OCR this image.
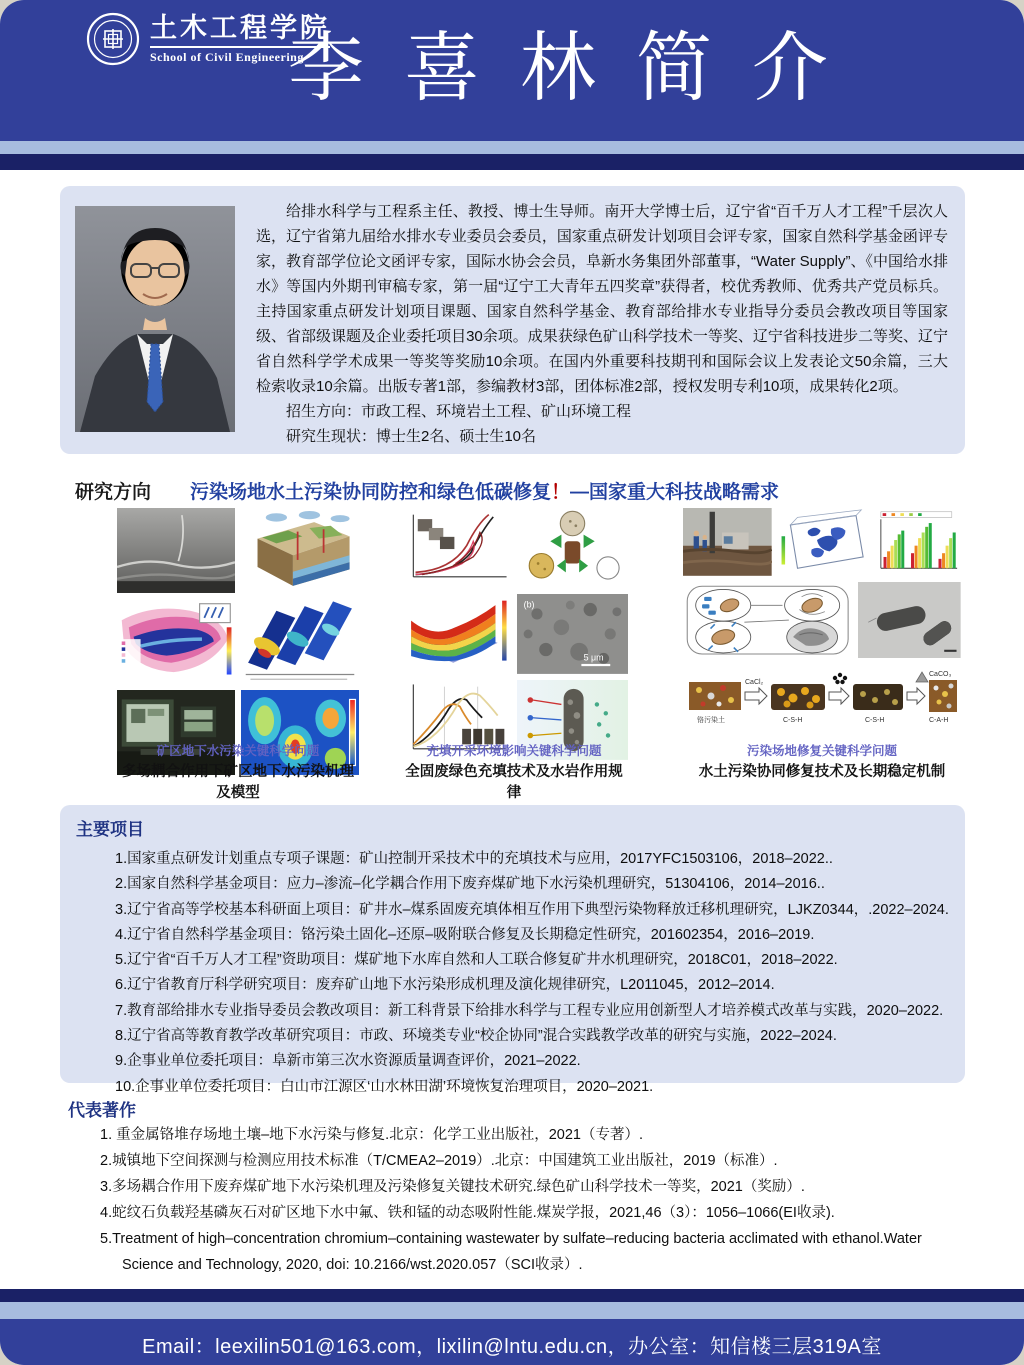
土木工程学院
School of Civil Engineering
李喜林简介

给排水科学与工程系主任、教授、博士生导师。南开大学博士后，辽宁省“百千万人才工程”千层次人选，辽宁省第九届给水排水专业委员会委员，国家重点研发计划项目会评专家，国家自然科学基金函评专家，教育部学位论文函评专家，国际水协会会员，阜新水务集团外部董事，“Water Supply”、《中国给水排水》等国内外期刊审稿专家，第一届“辽宁工大青年五四奖章”获得者，校优秀教师、优秀共产党员标兵。主持国家重点研发计划项目课题、国家自然科学基金、教育部给排水专业指导分委员会教改项目等国家级、省部级课题及企业委托项目30余项。成果获绿色矿山科学技术一等奖、辽宁省科技进步二等奖、辽宁省自然科学学术成果一等奖等奖励10余项。在国内外重要科技期刊和国际会议上发表论文50余篇，三大检索收录10余篇。出版专著1部，参编教材3部，团体标准2部，授权发明专利10项，成果转化2项。

招生方向：市政工程、环境岩土工程、矿山环境工程

研究生现状：博士生2名、硕士生10名

研究方向 污染场地水土污染协同防控和绿色低碳修复！—国家重大科技战略需求
矿区地下水污染关键科学问题
多场耦合作用下矿区地下水污染机理及模型
(b)
5 μm
充填开采环境影响关键科学问题
全固废绿色充填技术及水岩作用规律
铬污染土
CaCl₂
C-S-H	C-S-H	C-A-H
CaCO₃
污染场地修复关键科学问题
水土污染协同修复技术及长期稳定机制
主要项目
1.国家重点研发计划重点专项子课题：矿山控制开采技术中的充填技术与应用，2017YFC1503106，2018–2022..
2.国家自然科学基金项目：应力–渗流–化学耦合作用下废弃煤矿地下水污染机理研究，51304106，2014–2016..
3.辽宁省高等学校基本科研面上项目：矿井水–煤系固废充填体相互作用下典型污染物释放迁移机理研究，LJKZ0344，.2022–2024.
4.辽宁省自然科学基金项目：铬污染土固化–还原–吸附联合修复及长期稳定性研究，201602354，2016–2019.
5.辽宁省“百千万人才工程”资助项目：煤矿地下水库自然和人工联合修复矿井水机理研究，2018C01，2018–2022.
6.辽宁省教育厅科学研究项目：废弃矿山地下水污染形成机理及演化规律研究，L2011045，2012–2014.
7.教育部给排水专业指导委员会教改项目：新工科背景下给排水科学与工程专业应用创新型人才培养模式改革与实践，2020–2022.
8.辽宁省高等教育教学改革研究项目：市政、环境类专业“校企协同”混合实践教学改革的研究与实施，2022–2024.
9.企事业单位委托项目：阜新市第三次水资源质量调查评价，2021–2022.
10.企事业单位委托项目：白山市江源区‘山水林田湖’环境恢复治理项目，2020–2021.
代表著作
1. 重金属铬堆存场地土壤–地下水污染与修复.北京：化学工业出版社，2021（专著）.
2.城镇地下空间探测与检测应用技术标准（T/CMEA2–2019）.北京：中国建筑工业出版社，2019（标准）.
3.多场耦合作用下废弃煤矿地下水污染机理及污染修复关键技术研究.绿色矿山科学技术一等奖，2021（奖励）.
4.蛇纹石负载羟基磷灰石对矿区地下水中氟、铁和锰的动态吸附性能.煤炭学报，2021,46（3）：1056–1066(EI收录).
5.Treatment of high–concentration chromium–containing wastewater by sulfate–reducing bacteria acclimated with ethanol.Water Science and Technology, 2020, doi: 10.2166/wst.2020.057（SCI收录）.
Email：leexilin501@163.com，lixilin@lntu.edu.cn，办公室：知信楼三层319A室
